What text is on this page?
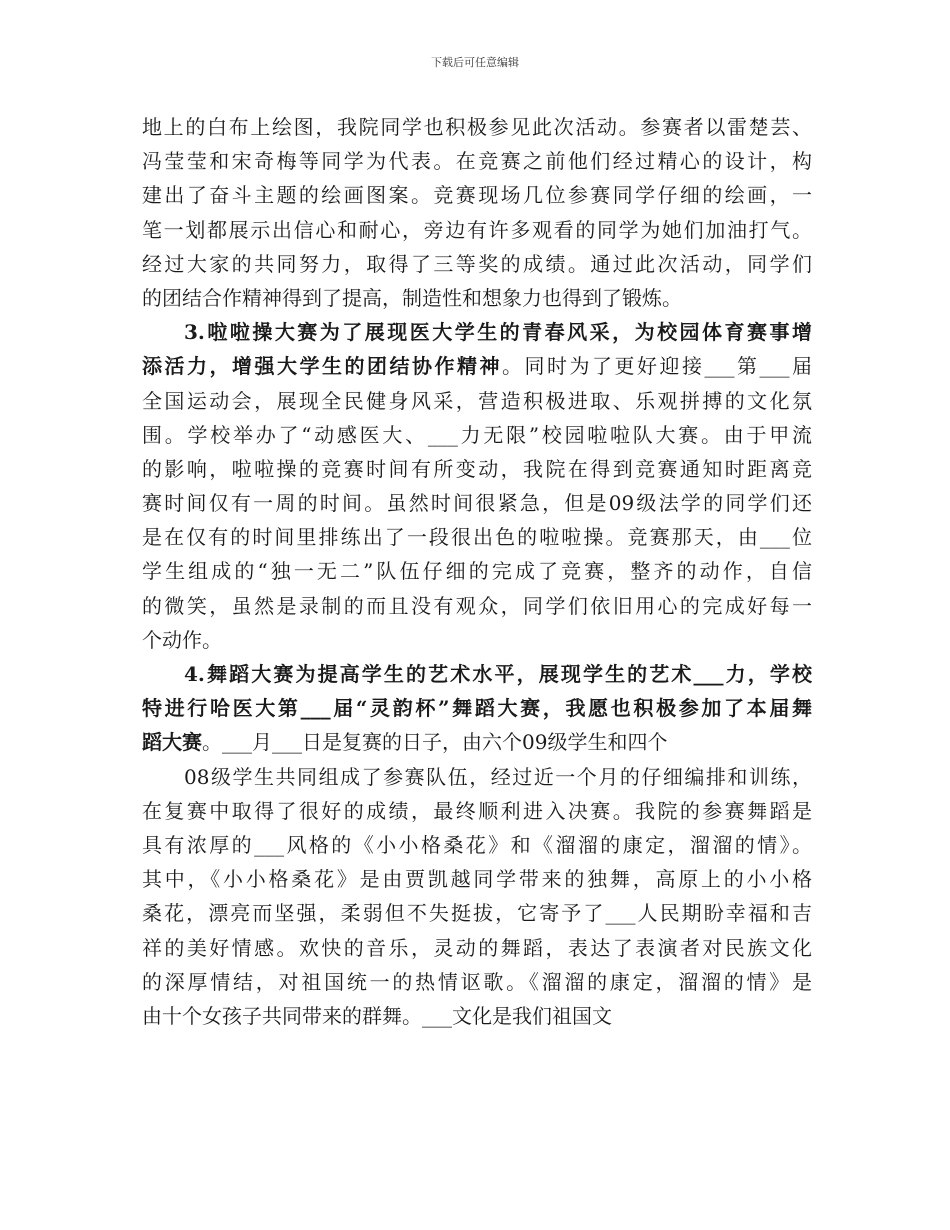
下载后可任意编辑
地上的白布上绘图，我院同学也积极参见此次活动。参赛者以雷楚芸、
冯莹莹和宋奇梅等同学为代表。在竞赛之前他们经过精心的设计，构
建出了奋斗主题的绘画图案。竞赛现场几位参赛同学仔细的绘画，一
笔一划都展示出信心和耐心，旁边有许多观看的同学为她们加油打气。
经过大家的共同努力，取得了三等奖的成绩。通过此次活动，同学们
的团结合作精神得到了提高，制造性和想象力也得到了锻炼。
3.啦啦操大赛为了展现医大学生的青春风采，为校园体育赛事增
添活力，增强大学生的团结协作精神。同时为了更好迎接___第___届
全国运动会，展现全民健身风采，营造积极进取、乐观拼搏的文化氛
围。学校举办了“动感医大、___力无限”校园啦啦队大赛。由于甲流
的影响，啦啦操的竞赛时间有所变动，我院在得到竞赛通知时距离竞
赛时间仅有一周的时间。虽然时间很紧急，但是09级法学的同学们还
是在仅有的时间里排练出了一段很出色的啦啦操。竞赛那天，由___位
学生组成的“独一无二”队伍仔细的完成了竞赛，整齐的动作，自信
的微笑，虽然是录制的而且没有观众，同学们依旧用心的完成好每一
个动作。
4.舞蹈大赛为提高学生的艺术水平，展现学生的艺术___力，学校
特进行哈医大第___届“灵韵杯”舞蹈大赛，我愿也积极参加了本届舞
蹈大赛。___月___日是复赛的日子，由六个09级学生和四个
08级学生共同组成了参赛队伍，经过近一个月的仔细编排和训练，
在复赛中取得了很好的成绩，最终顺利进入决赛。我院的参赛舞蹈是
具有浓厚的___风格的《小小格桑花》和《溜溜的康定，溜溜的情》。
其中，《小小格桑花》是由贾凯越同学带来的独舞，高原上的小小格
桑花，漂亮而坚强，柔弱但不失挺拔，它寄予了___人民期盼幸福和吉
祥的美好情感。欢快的音乐，灵动的舞蹈，表达了表演者对民族文化
的深厚情结，对祖国统一的热情讴歌。《溜溜的康定，溜溜的情》是
由十个女孩子共同带来的群舞。___文化是我们祖国文
